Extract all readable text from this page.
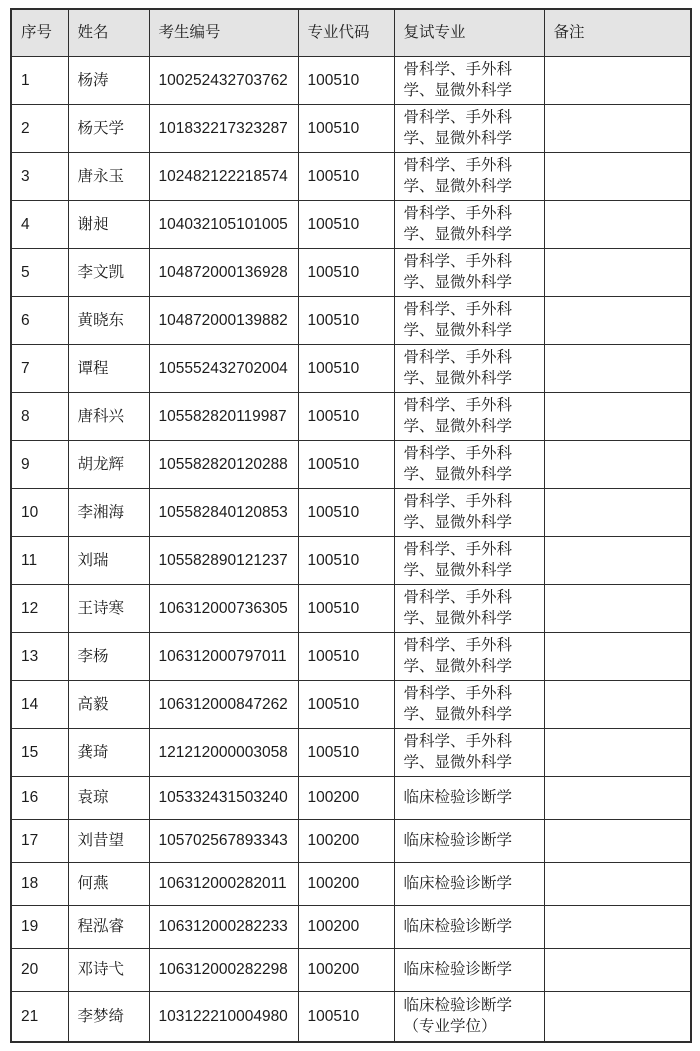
序号	姓名	考生编号	专业代码	复试专业	备注
1	杨涛	100252432703762	100510	骨科学、手外科学、显微外科学	
2	杨天学	101832217323287	100510	骨科学、手外科学、显微外科学	
3	唐永玉	102482122218574	100510	骨科学、手外科学、显微外科学	
4	谢昶	104032105101005	100510	骨科学、手外科学、显微外科学	
5	李文凯	104872000136928	100510	骨科学、手外科学、显微外科学	
6	黄晓东	104872000139882	100510	骨科学、手外科学、显微外科学	
7	谭程	105552432702004	100510	骨科学、手外科学、显微外科学	
8	唐科兴	105582820119987	100510	骨科学、手外科学、显微外科学	
9	胡龙辉	105582820120288	100510	骨科学、手外科学、显微外科学	
10	李湘海	105582840120853	100510	骨科学、手外科学、显微外科学	
11	刘瑞	105582890121237	100510	骨科学、手外科学、显微外科学	
12	王诗寒	106312000736305	100510	骨科学、手外科学、显微外科学	
13	李杨	106312000797011	100510	骨科学、手外科学、显微外科学	
14	高毅	106312000847262	100510	骨科学、手外科学、显微外科学	
15	龚琦	121212000003058	100510	骨科学、手外科学、显微外科学	
16	袁琼	105332431503240	100200	临床检验诊断学	
17	刘昔望	105702567893343	100200	临床检验诊断学	
18	何燕	106312000282011	100200	临床检验诊断学	
19	程泓睿	106312000282233	100200	临床检验诊断学	
20	邓诗弋	106312000282298	100200	临床检验诊断学	
21	李梦绮	103122210004980	100510	临床检验诊断学（专业学位）	
